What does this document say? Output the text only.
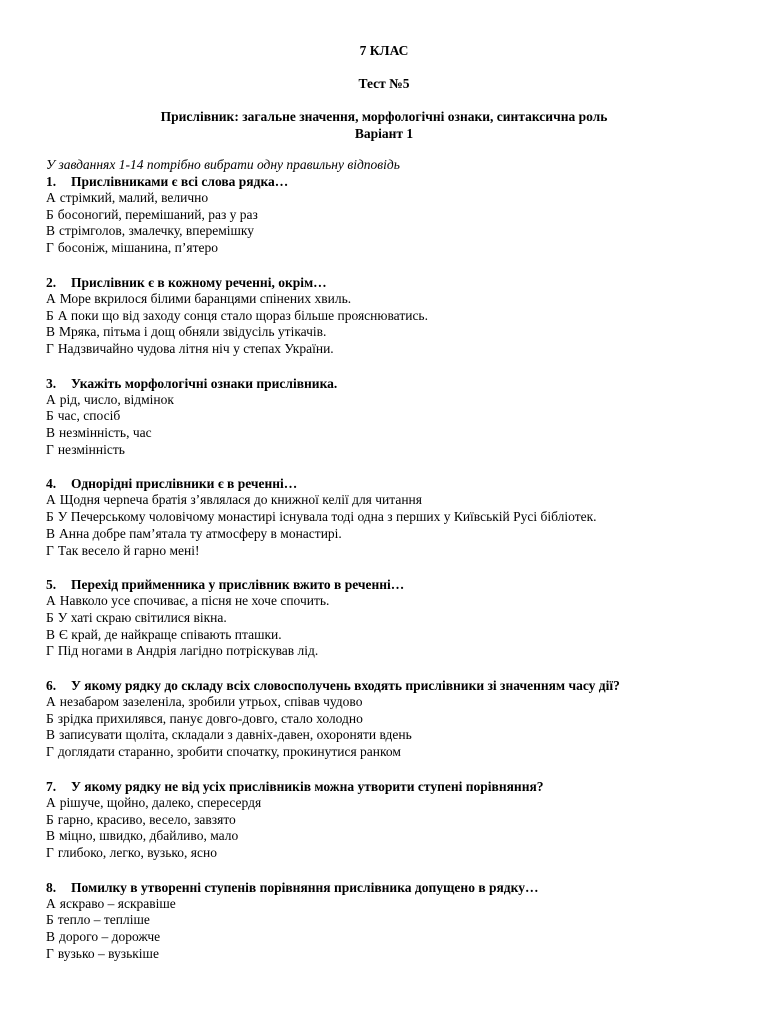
7 КЛАС
Тест №5
Прислівник: загальне значення, морфологічні ознаки, синтаксична роль
Варіант 1
У завданнях 1-14 потрібно вибрати одну правильну відповідь
1. Прислівниками є всі слова рядка…
А стрімкий, малий, велично
Б босоногий, перемішаний, раз у раз
В стрімголов, змалечку, вперемішку
Г босоніж, мішанина, п’ятеро
2. Прислівник є в кожному реченні, окрім…
А Море вкрилося білими баранцями спінених хвиль.
Б А поки що від заходу сонця стало щораз більше прояснюватись.
В Мряка, пітьма і дощ обняли звідусіль утікачів.
Г Надзвичайно чудова літня ніч у степах України.
3. Укажіть морфологічні ознаки прислівника.
А рід, число, відмінок
Б час, спосіб
В незмінність, час
Г незмінність
4. Однорідні прислівники є в реченні…
А Щодня черneча братія з’являлася до книжної келії для читання
Б У Печерському чоловічому монастирі існувала тоді одна з перших у Київській Русі бібліотек.
В Анна добре пам’ятала ту атмосферу в монастирі.
Г Так весело й гарно мені!
5. Перехід прийменника у прислівник вжито в реченні…
А Навколо усе спочиває, а пісня не хоче спочить.
Б У хаті скраю світилися вікна.
В Є край, де найкраще співають пташки.
Г Під ногами в Андрія лагідно потріскував лід.
6. У якому рядку до складу всіх словосполучень входять прислівники зі значенням часу дії?
А незабаром зазеленіла, зробили утрьох, співав чудово
Б зрідка прихилявся, панує довго-довго, стало холодно
В записувати щоліта, складали з давніх-давен, охороняти вдень
Г доглядати старанно, зробити спочатку, прокинутися ранком
7. У якому рядку не від усіх прислівників можна утворити ступені порівняння?
А рішуче, щойно, далеко, спересердя
Б гарно, красиво, весело, завзято
В міцно, швидко, дбайливо, мало
Г глибоко, легко, вузько, ясно
8. Помилку в утворенні ступенів порівняння прислівника допущено в рядку…
А яскраво – яскравіше
Б тепло – тепліше
В дорого – дорожче
Г вузько – вузькіше
